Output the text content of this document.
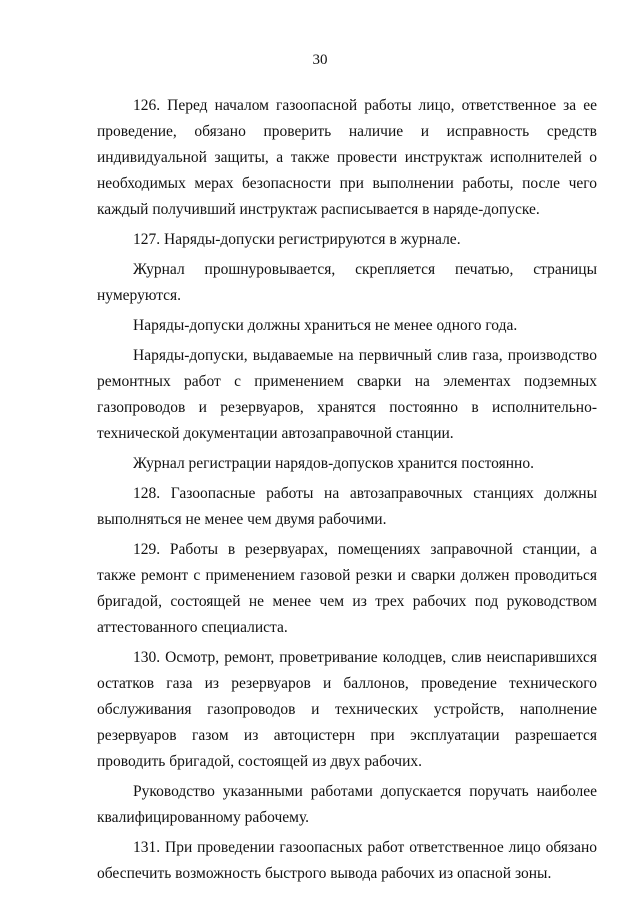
30

126. Перед началом газоопасной работы лицо, ответственное за ее проведение, обязано проверить наличие и исправность средств индивидуальной защиты, а также провести инструктаж исполнителей о необходимых мерах безопасности при выполнении работы, после чего каждый получивший инструктаж расписывается в наряде-допуске.

127. Наряды-допуски регистрируются в журнале.

Журнал прошнуровывается, скрепляется печатью, страницы нумеруются.

Наряды-допуски должны храниться не менее одного года.

Наряды-допуски, выдаваемые на первичный слив газа, производство ремонтных работ с применением сварки на элементах подземных газопроводов и резервуаров, хранятся постоянно в исполнительно-технической документации автозаправочной станции.

Журнал регистрации нарядов-допусков хранится постоянно.

128. Газоопасные работы на автозаправочных станциях должны выполняться не менее чем двумя рабочими.

129. Работы в резервуарах, помещениях заправочной станции, а также ремонт с применением газовой резки и сварки должен проводиться бригадой, состоящей не менее чем из трех рабочих под руководством аттестованного специалиста.

130. Осмотр, ремонт, проветривание колодцев, слив неиспарившихся остатков газа из резервуаров и баллонов, проведение технического обслуживания газопроводов и технических устройств, наполнение резервуаров газом из автоцистерн при эксплуатации разрешается проводить бригадой, состоящей из двух рабочих.

Руководство указанными работами допускается поручать наиболее квалифицированному рабочему.

131. При проведении газоопасных работ ответственное лицо обязано обеспечить возможность быстрого вывода рабочих из опасной зоны.
